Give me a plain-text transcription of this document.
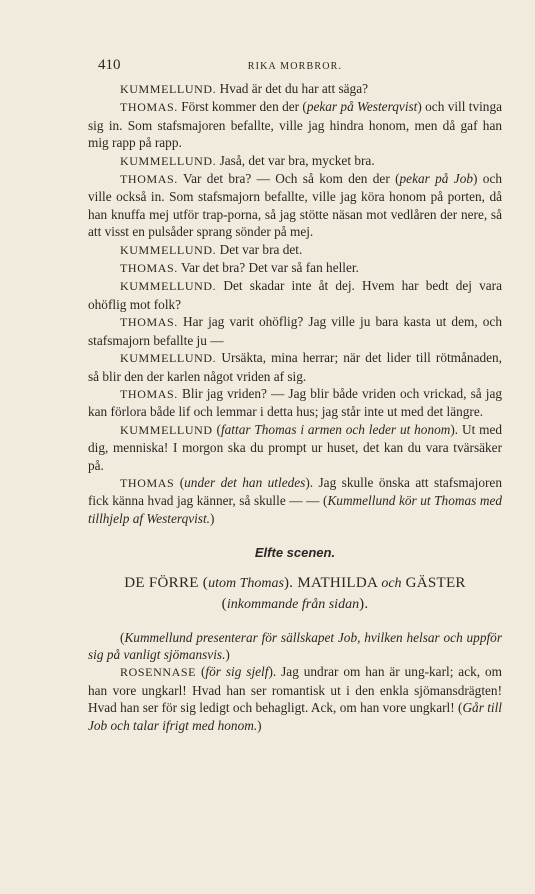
410	RIKA MORBROR.

KUMMELLUND. Hvad är det du har att säga?

THOMAS. Först kommer den der (pekar på Westerqvist) och vill tvinga sig in. Som stafsmajoren befallte, ville jag hindra honom, men då gaf han mig rapp på rapp.

KUMMELLUND. Jaså, det var bra, mycket bra.

THOMAS. Var det bra? — Och så kom den der (pekar på Job) och ville också in. Som stafsmajorn befallte, ville jag köra honom på porten, då han knuffa mej utför trap-porna, så jag stötte näsan mot vedlåren der nere, så att visst en pulsåder sprang sönder på mej.

KUMMELLUND. Det var bra det.

THOMAS. Var det bra? Det var så fan heller.

KUMMELLUND. Det skadar inte åt dej. Hvem har bedt dej vara ohöflig mot folk?

THOMAS. Har jag varit ohöflig? Jag ville ju bara kasta ut dem, och stafsmajorn befallte ju —

KUMMELLUND. Ursäkta, mina herrar; när det lider till rötmånaden, så blir den der karlen något vriden af sig.

THOMAS. Blir jag vriden? — Jag blir både vriden och vrickad, så jag kan förlora både lif och lemmar i detta hus; jag står inte ut med det längre.

KUMMELLUND (fattar Thomas i armen och leder ut honom). Ut med dig, menniska! I morgon ska du prompt ur huset, det kan du vara tvärsäker på.

THOMAS (under det han utledes). Jag skulle önska att stafsmajoren fick känna hvad jag känner, så skulle — — (Kummellund kör ut Thomas med tillhjelp af Westerqvist.)

Elfte scenen.
DE FÖRRE (utom Thomas). MATHILDA och GÄSTER
(inkommande från sidan).

(Kummellund presenterar för sällskapet Job, hvilken helsar och uppför sig på vanligt sjömansvis.)

ROSENNASE (för sig sjelf). Jag undrar om han är ung-karl; ack, om han vore ungkarl! Hvad han ser romantisk ut i den enkla sjömansdrägten! Hvad han ser för sig ledigt och behagligt. Ack, om han vore ungkarl! (Går till Job och talar ifrigt med honom.)
